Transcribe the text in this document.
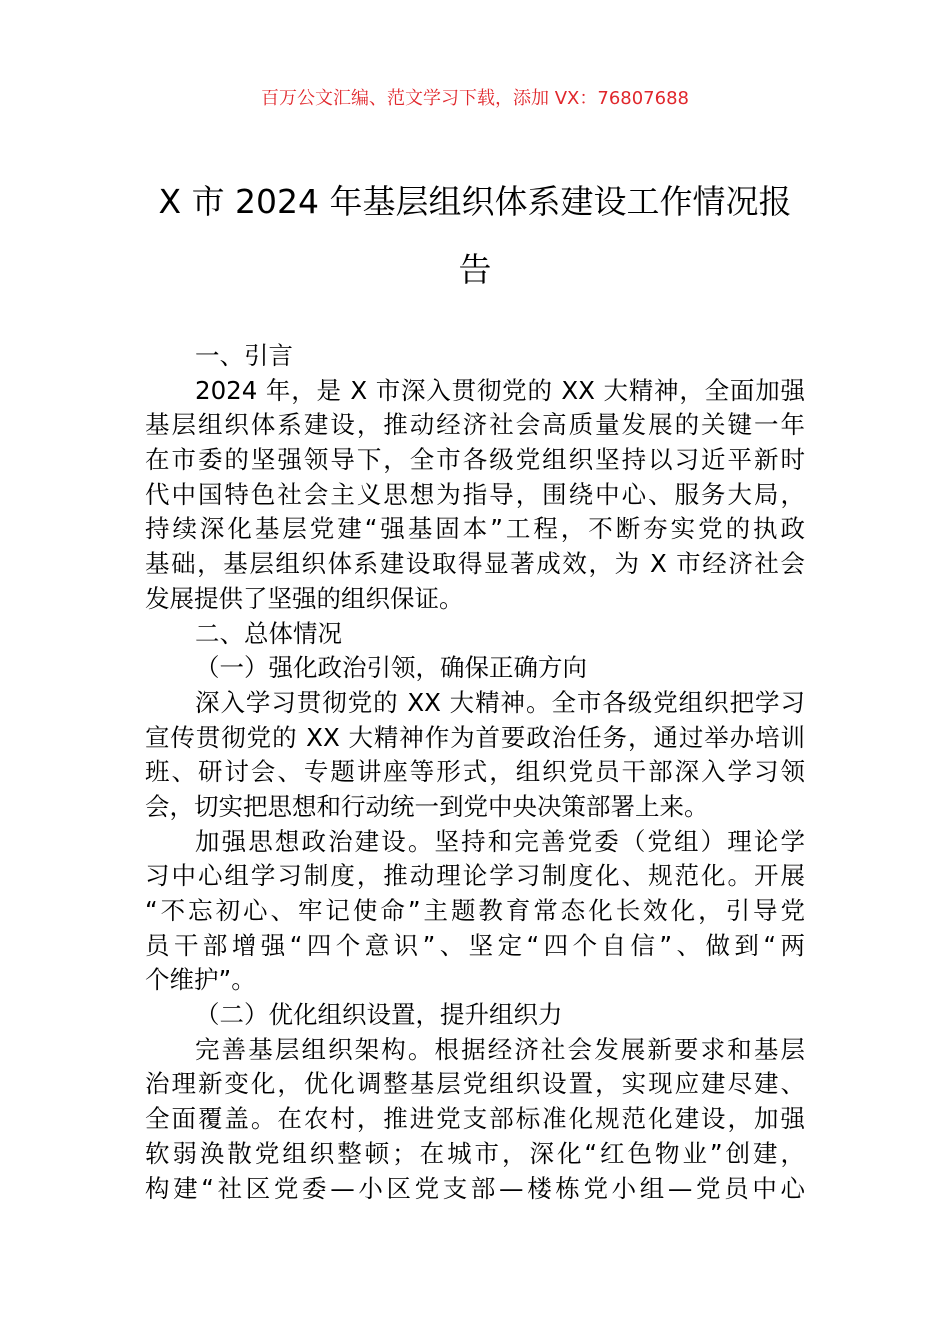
百万公文汇编、范文学习下载，添加 VX：76807688
X 市 2024 年基层组织体系建设工作情况报
告
一、引言
2024 年，是 X 市深入贯彻党的 XX 大精神，全面加强
基层组织体系建设，推动经济社会高质量发展的关键一年
在市委的坚强领导下，全市各级党组织坚持以习近平新时
代中国特色社会主义思想为指导，围绕中心、服务大局，
持续深化基层党建“强基固本”工程，不断夯实党的执政
基础，基层组织体系建设取得显著成效，为 X 市经济社会
发展提供了坚强的组织保证。
二、总体情况
（一）强化政治引领，确保正确方向
深入学习贯彻党的 XX 大精神。全市各级党组织把学习
宣传贯彻党的 XX 大精神作为首要政治任务，通过举办培训
班、研讨会、专题讲座等形式，组织党员干部深入学习领
会，切实把思想和行动统一到党中央决策部署上来。
加强思想政治建设。坚持和完善党委（党组）理论学
习中心组学习制度，推动理论学习制度化、规范化。开展
“不忘初心、牢记使命”主题教育常态化长效化，引导党
员干部增强“四个意识”、坚定“四个自信”、做到“两
个维护”。
（二）优化组织设置，提升组织力
完善基层组织架构。根据经济社会发展新要求和基层
治理新变化，优化调整基层党组织设置，实现应建尽建、
全面覆盖。在农村，推进党支部标准化规范化建设，加强
软弱涣散党组织整顿；在城市，深化“红色物业”创建，
构建“社区党委—小区党支部—楼栋党小组—党员中心
